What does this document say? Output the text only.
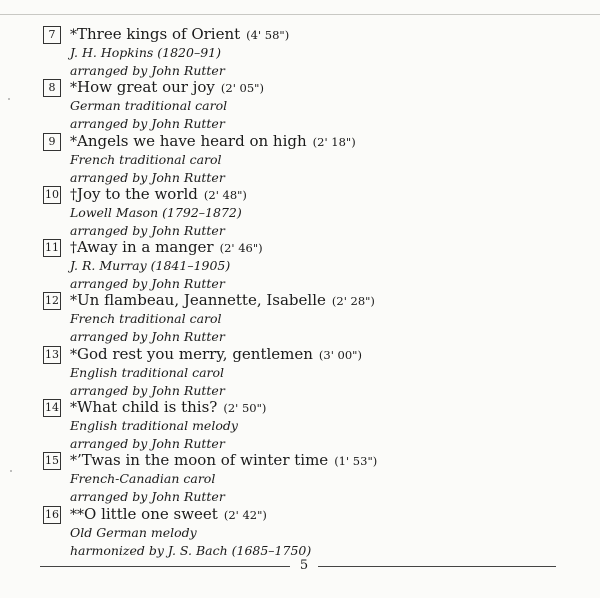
7	*Three kings of Orient (4' 58")
J. H. Hopkins (1820–91)
arranged by John Rutter
8	*How great our joy (2' 05")
German traditional carol
arranged by John Rutter
9	*Angels we have heard on high (2' 18")
French traditional carol
arranged by John Rutter
10 †Joy to the world (2' 48")
Lowell Mason (1792–1872)
arranged by John Rutter
11 †Away in a manger (2' 46")
J. R. Murray (1841–1905)
arranged by John Rutter
12 *Un flambeau, Jeannette, Isabelle (2' 28")
French traditional carol
arranged by John Rutter
13 *God rest you merry, gentlemen (3' 00")
English traditional carol
arranged by John Rutter
14 *What child is this? (2' 50")
English traditional melody
arranged by John Rutter
15 *’Twas in the moon of winter time (1' 53")
French-Canadian carol
arranged by John Rutter
16 **O little one sweet (2' 42")
Old German melody
harmonized by J. S. Bach (1685–1750)
5
